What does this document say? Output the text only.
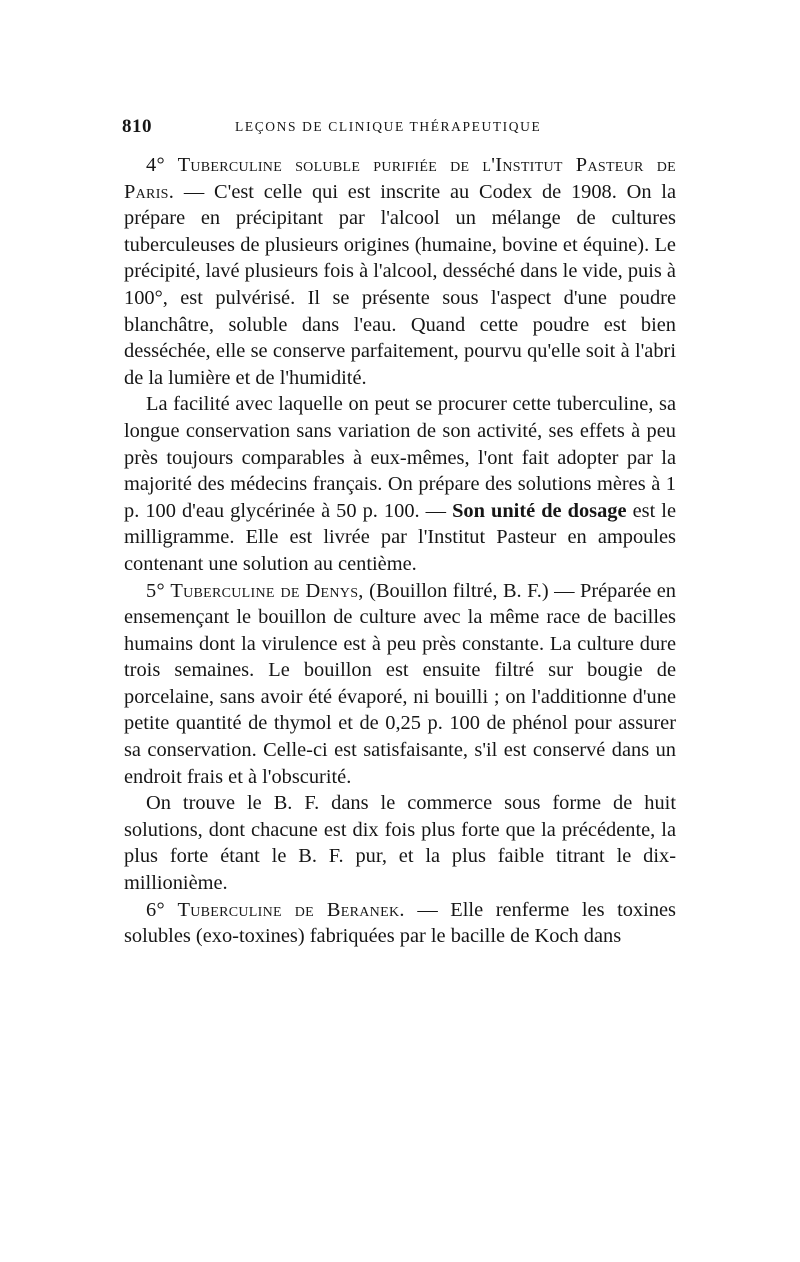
810	LEÇONS DE CLINIQUE THÉRAPEUTIQUE

4° Tuberculine soluble purifiée de l'Institut Pasteur de Paris. — C'est celle qui est inscrite au Codex de 1908. On la prépare en précipitant par l'alcool un mélange de cultures tuberculeuses de plusieurs origines (humaine, bovine et équine). Le précipité, lavé plusieurs fois à l'alcool, desséché dans le vide, puis à 100°, est pulvérisé. Il se présente sous l'aspect d'une poudre blanchâtre, soluble dans l'eau. Quand cette poudre est bien desséchée, elle se conserve parfaitement, pourvu qu'elle soit à l'abri de la lumière et de l'humidité.

La facilité avec laquelle on peut se procurer cette tuberculine, sa longue conservation sans variation de son activité, ses effets à peu près toujours comparables à eux-mêmes, l'ont fait adopter par la majorité des médecins français. On prépare des solutions mères à 1 p. 100 d'eau glycérinée à 50 p. 100. — Son unité de dosage est le milligramme. Elle est livrée par l'Institut Pasteur en ampoules contenant une solution au centième.

5° Tuberculine de Denys, (Bouillon filtré, B. F.) — Préparée en ensemençant le bouillon de culture avec la même race de bacilles humains dont la virulence est à peu près constante. La culture dure trois semaines. Le bouillon est ensuite filtré sur bougie de porcelaine, sans avoir été évaporé, ni bouilli ; on l'additionne d'une petite quantité de thymol et de 0,25 p. 100 de phénol pour assurer sa conservation. Celle-ci est satisfaisante, s'il est conservé dans un endroit frais et à l'obscurité.

On trouve le B. F. dans le commerce sous forme de huit solutions, dont chacune est dix fois plus forte que la précédente, la plus forte étant le B. F. pur, et la plus faible titrant le dix-millionième.

6° Tuberculine de Beranek. — Elle renferme les toxines solubles (exo-toxines) fabriquées par le bacille de Koch dans
